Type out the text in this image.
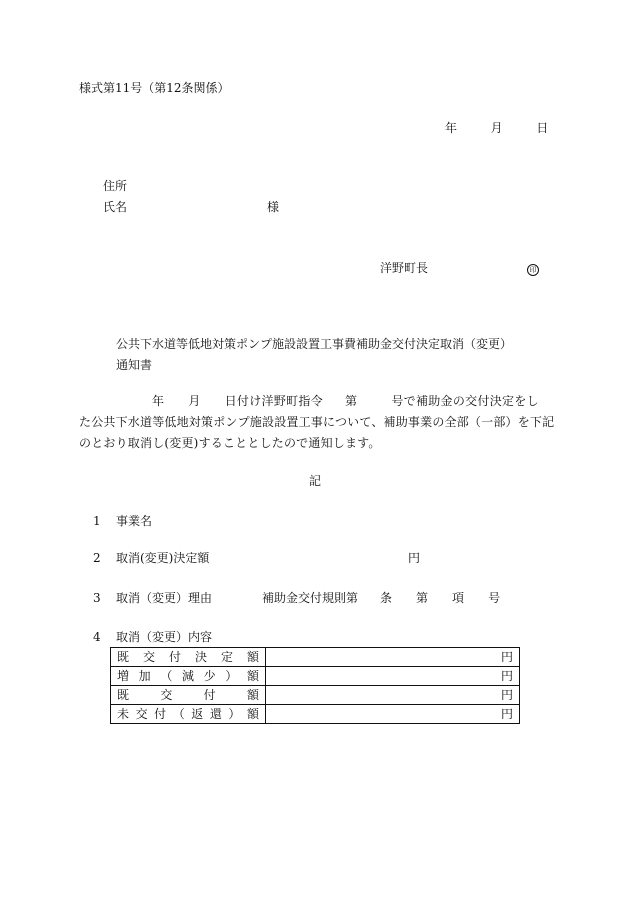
様式第11号（第12条関係）
年	月	日
住所
氏名	様
洋野町長	印
公共下水道等低地対策ポンプ施設設置工事費補助金交付決定取消（変更）
通知書
年 月 日付け洋野町指令 第	号で補助金の交付決定をし
た公共下水道等低地対策ポンプ施設設置工事について、補助事業の全部（一部）を下記
のとおり取消し(変更)することとしたので通知します。
記
1 事業名
2 取消(変更)決定額	円
3 取消（変更）理由	補助金交付規則第 条 第 項 号
4 取消（変更）内容
既交付決定額	円
増加（減少）額	円
既交付額	円
未交付（返還）額	円
